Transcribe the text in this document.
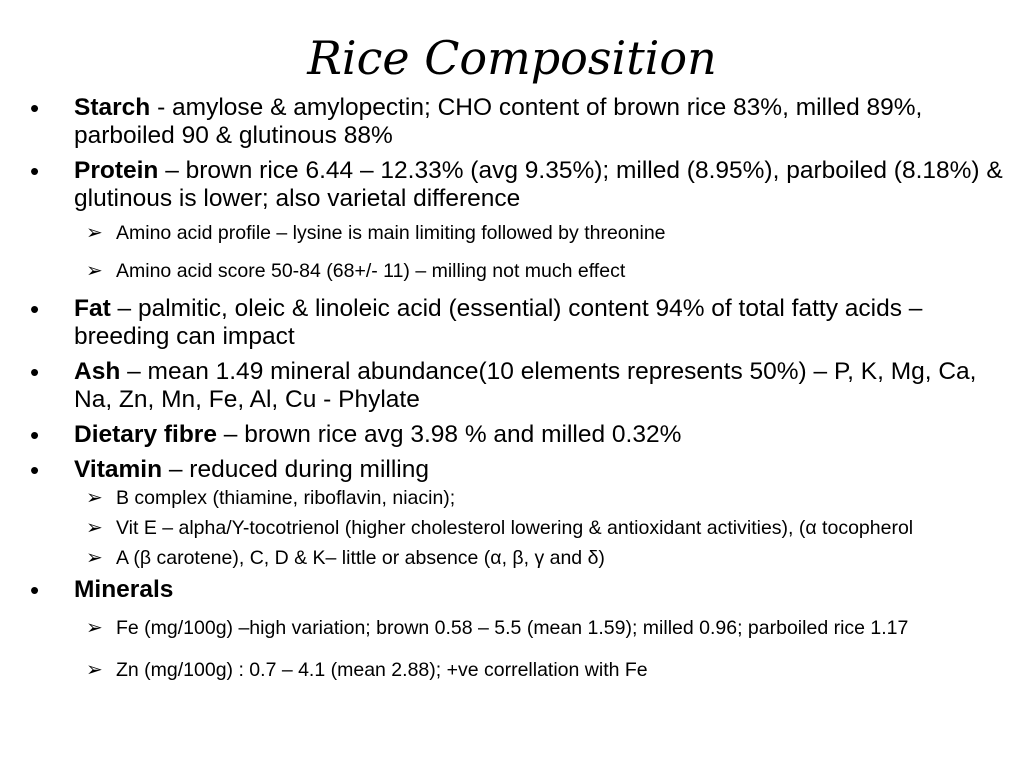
Rice Composition
•	Starch - amylose & amylopectin; CHO content of brown rice 83%, milled 89%, parboiled 90 & glutinous 88%
•	Protein – brown rice 6.44 – 12.33% (avg 9.35%); milled (8.95%), parboiled (8.18%) & glutinous is lower; also varietal difference
➢ Amino acid profile – lysine is main limiting followed by threonine
➢ Amino acid score 50-84 (68+/- 11) – milling not much effect
•	Fat – palmitic, oleic & linoleic acid (essential) content 94% of total fatty acids – breeding can impact
•	Ash – mean 1.49 mineral abundance(10 elements represents 50%) – P, K, Mg, Ca, Na, Zn, Mn, Fe, Al, Cu - Phylate
•	Dietary fibre – brown rice avg 3.98 % and milled 0.32%
•	Vitamin – reduced during milling
➢ B complex (thiamine, riboflavin, niacin);
➢ Vit E – alpha/Y-tocotrienol (higher cholesterol lowering & antioxidant activities), (α tocopherol
➢ A (β carotene), C, D & K– little or absence (α, β, γ and δ)
•	Minerals
➢ Fe (mg/100g) –high variation; brown 0.58 – 5.5 (mean 1.59); milled 0.96; parboiled rice 1.17
➢ Zn (mg/100g) : 0.7 – 4.1 (mean 2.88); +ve correllation with Fe
